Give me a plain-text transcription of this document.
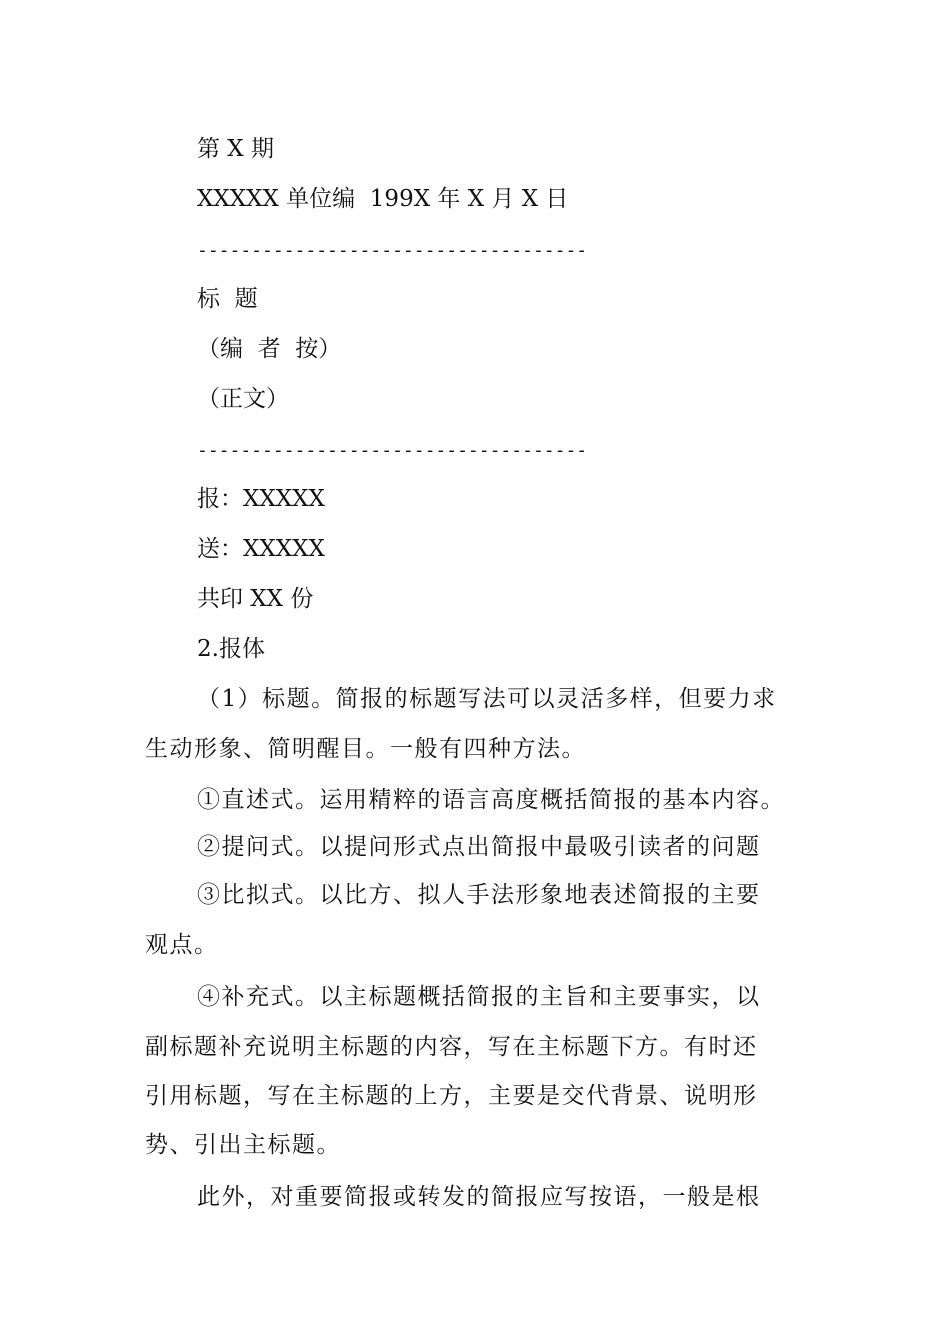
第 X 期
XXXXX 单位编  199X 年 X 月 X 日
------------------------------------
标  题
（编  者  按）
（正文）
------------------------------------
报：XXXXX
送：XXXXX
共印 XX 份
2.报体
（1）标题。简报的标题写法可以灵活多样，但要力求
生动形象、简明醒目。一般有四种方法。
①直述式。运用精粹的语言高度概括简报的基本内容。
②提问式。以提问形式点出简报中最吸引读者的问题
③比拟式。以比方、拟人手法形象地表述简报的主要
观点。
④补充式。以主标题概括简报的主旨和主要事实，以
副标题补充说明主标题的内容，写在主标题下方。有时还
引用标题，写在主标题的上方，主要是交代背景、说明形
势、引出主标题。
此外，对重要简报或转发的简报应写按语，一般是根
